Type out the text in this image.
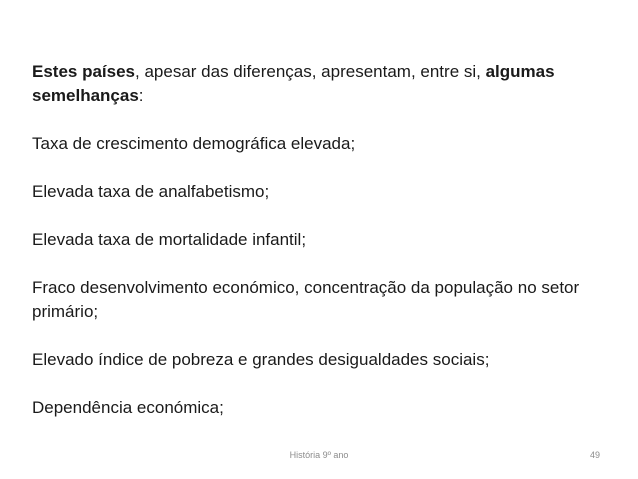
Estes países, apesar das diferenças, apresentam, entre si, algumas semelhanças:

Taxa de crescimento demográfica elevada;

Elevada taxa de analfabetismo;

Elevada taxa de mortalidade infantil;

Fraco desenvolvimento económico, concentração da população no setor primário;

Elevado índice de pobreza e grandes desigualdades sociais;

Dependência económica;

História 9º ano	49
